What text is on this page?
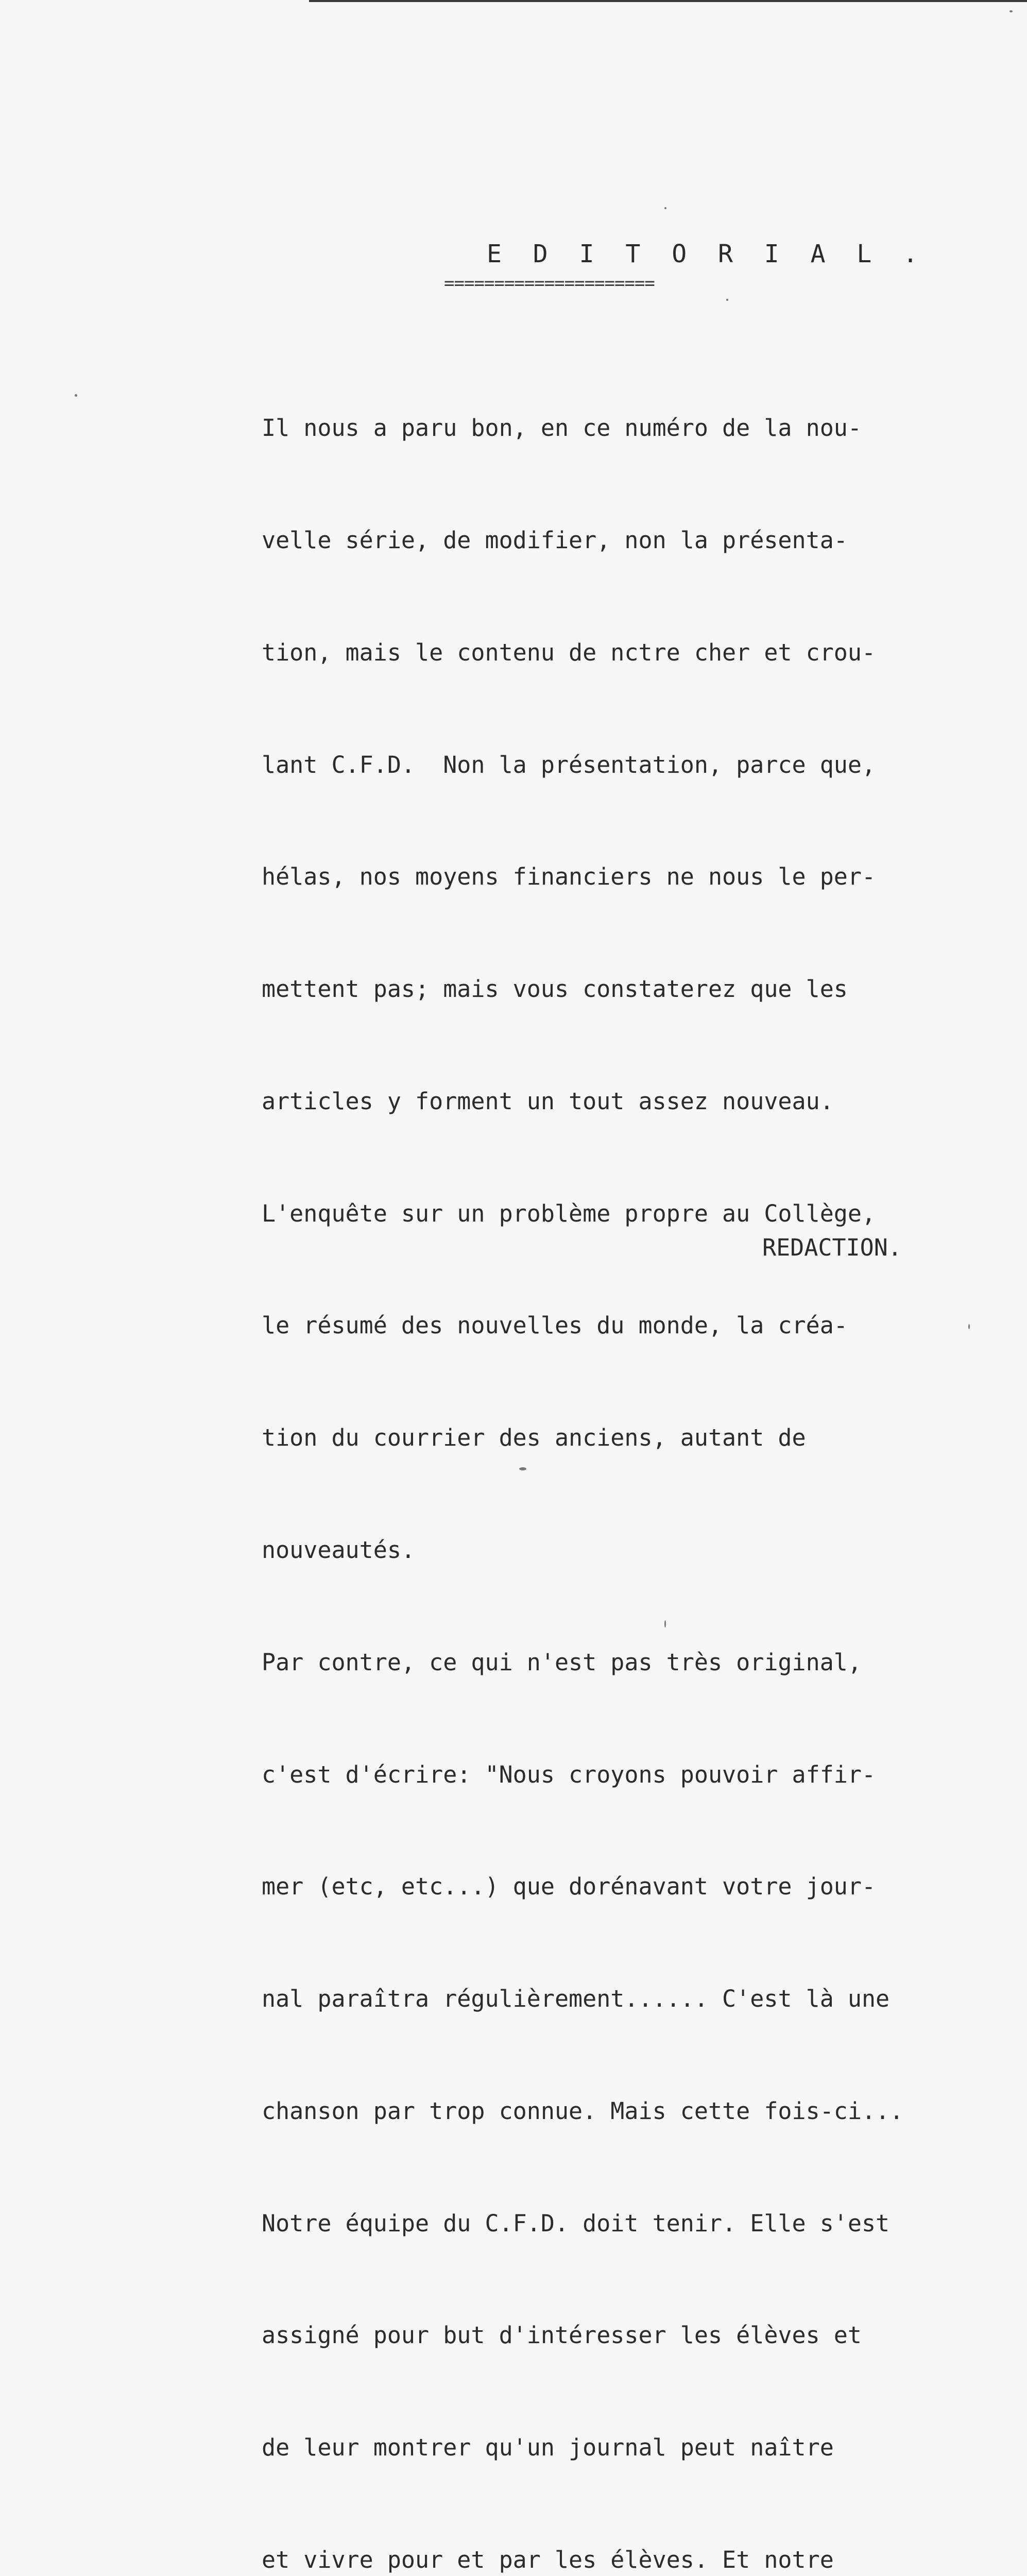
E D I T O R I A L .
=====================

Il nous a paru bon, en ce numéro de la nou-

velle série, de modifier, non la présenta-

tion, mais le contenu de nctre cher et crou-

lant C.F.D.  Non la présentation, parce que,

hélas, nos moyens financiers ne nous le per-

mettent pas; mais vous constaterez que les

articles y forment un tout assez nouveau.

L'enquête sur un problème propre au Collège,

le résumé des nouvelles du monde, la créa-

tion du courrier des anciens, autant de

nouveautés.

Par contre, ce qui n'est pas très original,

c'est d'écrire: "Nous croyons pouvoir affir-

mer (etc, etc...) que dorénavant votre jour-

nal paraîtra régulièrement...... C'est là une

chanson par trop connue. Mais cette fois-ci...

Notre équipe du C.F.D. doit tenir. Elle s'est

assigné pour but d'intéresser les élèves et

de leur montrer qu'un journal peut naître

et vivre pour et par les élèves. Et notre

REDACTION.
